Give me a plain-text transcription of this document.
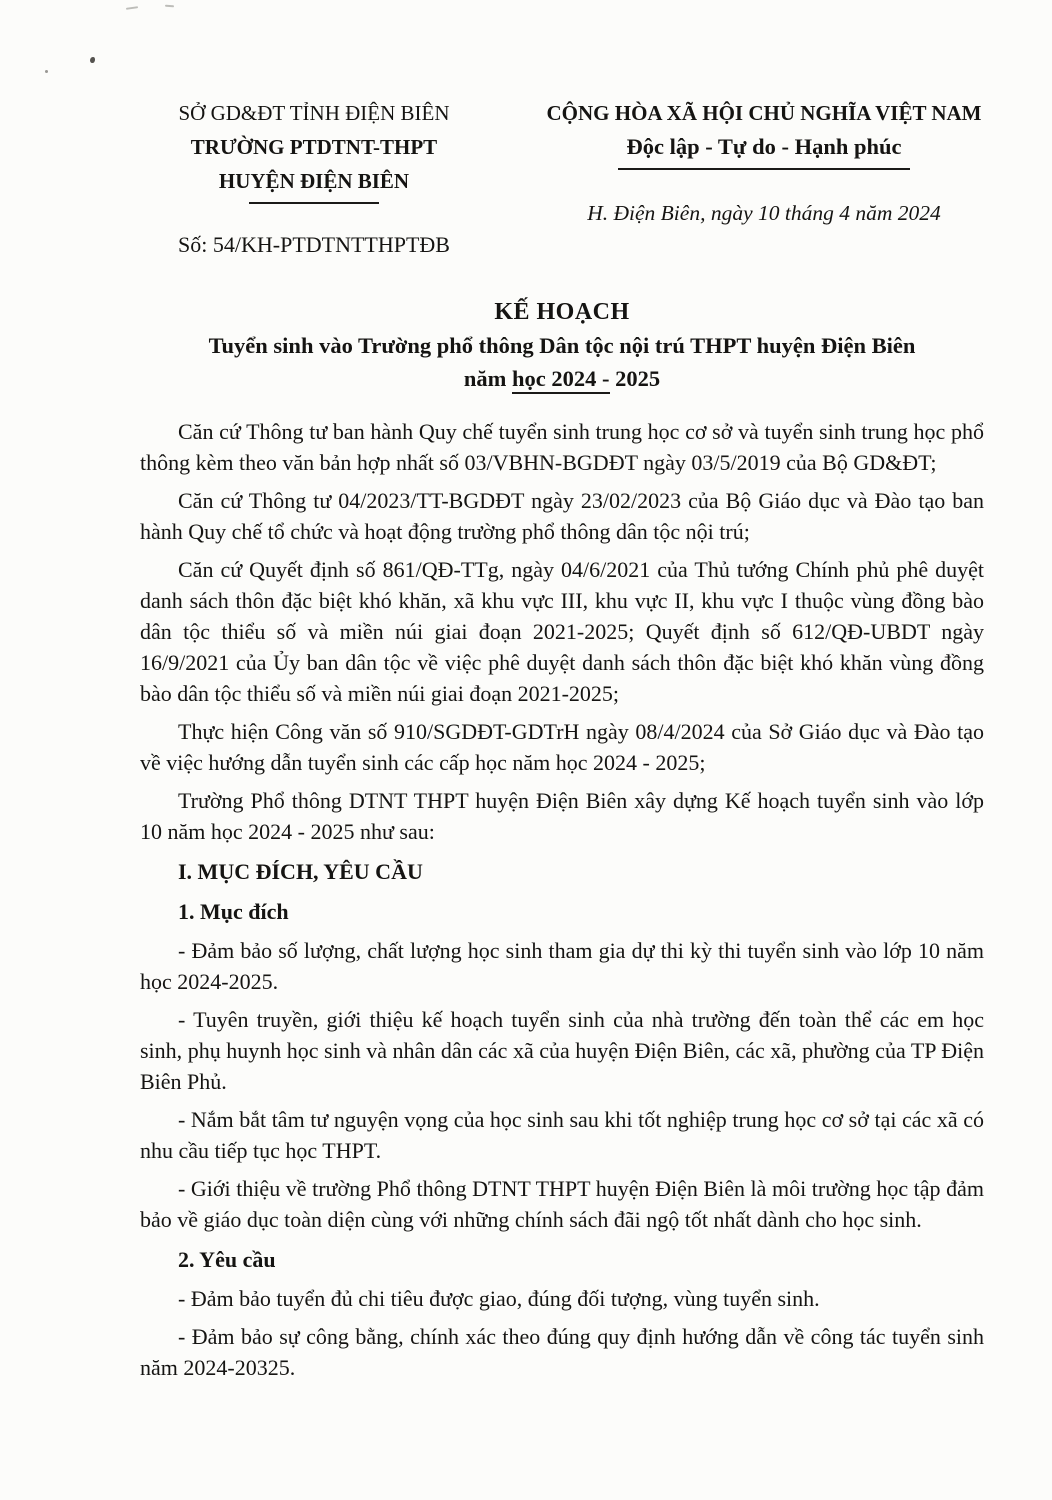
SỞ GD&ĐT TỈNH ĐIỆN BIÊN
TRƯỜNG PTDTNT-THPT
HUYỆN ĐIỆN BIÊN
Số: 54/KH-PTDTNTTHPTĐB
CỘNG HÒA XÃ HỘI CHỦ NGHĨA VIỆT NAM
Độc lập - Tự do - Hạnh phúc
H. Điện Biên, ngày 10 tháng 4 năm 2024
KẾ HOẠCH
Tuyển sinh vào Trường phổ thông Dân tộc nội trú THPT huyện Điện Biên
năm học 2024 - 2025

Căn cứ Thông tư ban hành Quy chế tuyển sinh trung học cơ sở và tuyển sinh trung học phổ thông kèm theo văn bản hợp nhất số 03/VBHN-BGDĐT ngày 03/5/2019 của Bộ GD&ĐT;

Căn cứ Thông tư 04/2023/TT-BGDĐT ngày 23/02/2023 của Bộ Giáo dục và Đào tạo ban hành Quy chế tổ chức và hoạt động trường phổ thông dân tộc nội trú;

Căn cứ Quyết định số 861/QĐ-TTg, ngày 04/6/2021 của Thủ tướng Chính phủ phê duyệt danh sách thôn đặc biệt khó khăn, xã khu vực III, khu vực II, khu vực I thuộc vùng đồng bào dân tộc thiểu số và miền núi giai đoạn 2021-2025; Quyết định số 612/QĐ-UBDT ngày 16/9/2021 của Ủy ban dân tộc về việc phê duyệt danh sách thôn đặc biệt khó khăn vùng đồng bào dân tộc thiểu số và miền núi giai đoạn 2021-2025;

Thực hiện Công văn số 910/SGDĐT-GDTrH ngày 08/4/2024 của Sở Giáo dục và Đào tạo về việc hướng dẫn tuyển sinh các cấp học năm học 2024 - 2025;

Trường Phổ thông DTNT THPT huyện Điện Biên xây dựng Kế hoạch tuyển sinh vào lớp 10 năm học 2024 - 2025 như sau:

I. MỤC ĐÍCH, YÊU CẦU

1. Mục đích

- Đảm bảo số lượng, chất lượng học sinh tham gia dự thi kỳ thi tuyển sinh vào lớp 10 năm học 2024-2025.

- Tuyên truyền, giới thiệu kế hoạch tuyển sinh của nhà trường đến toàn thể các em học sinh, phụ huynh học sinh và nhân dân các xã của huyện Điện Biên, các xã, phường của TP Điện Biên Phủ.

- Nắm bắt tâm tư nguyện vọng của học sinh sau khi tốt nghiệp trung học cơ sở tại các xã có nhu cầu tiếp tục học THPT.

- Giới thiệu về trường Phổ thông DTNT THPT huyện Điện Biên là môi trường học tập đảm bảo về giáo dục toàn diện cùng với những chính sách đãi ngộ tốt nhất dành cho học sinh.

2. Yêu cầu

- Đảm bảo tuyển đủ chi tiêu được giao, đúng đối tượng, vùng tuyển sinh.

- Đảm bảo sự công bằng, chính xác theo đúng quy định hướng dẫn về công tác tuyển sinh năm 2024-20325.
